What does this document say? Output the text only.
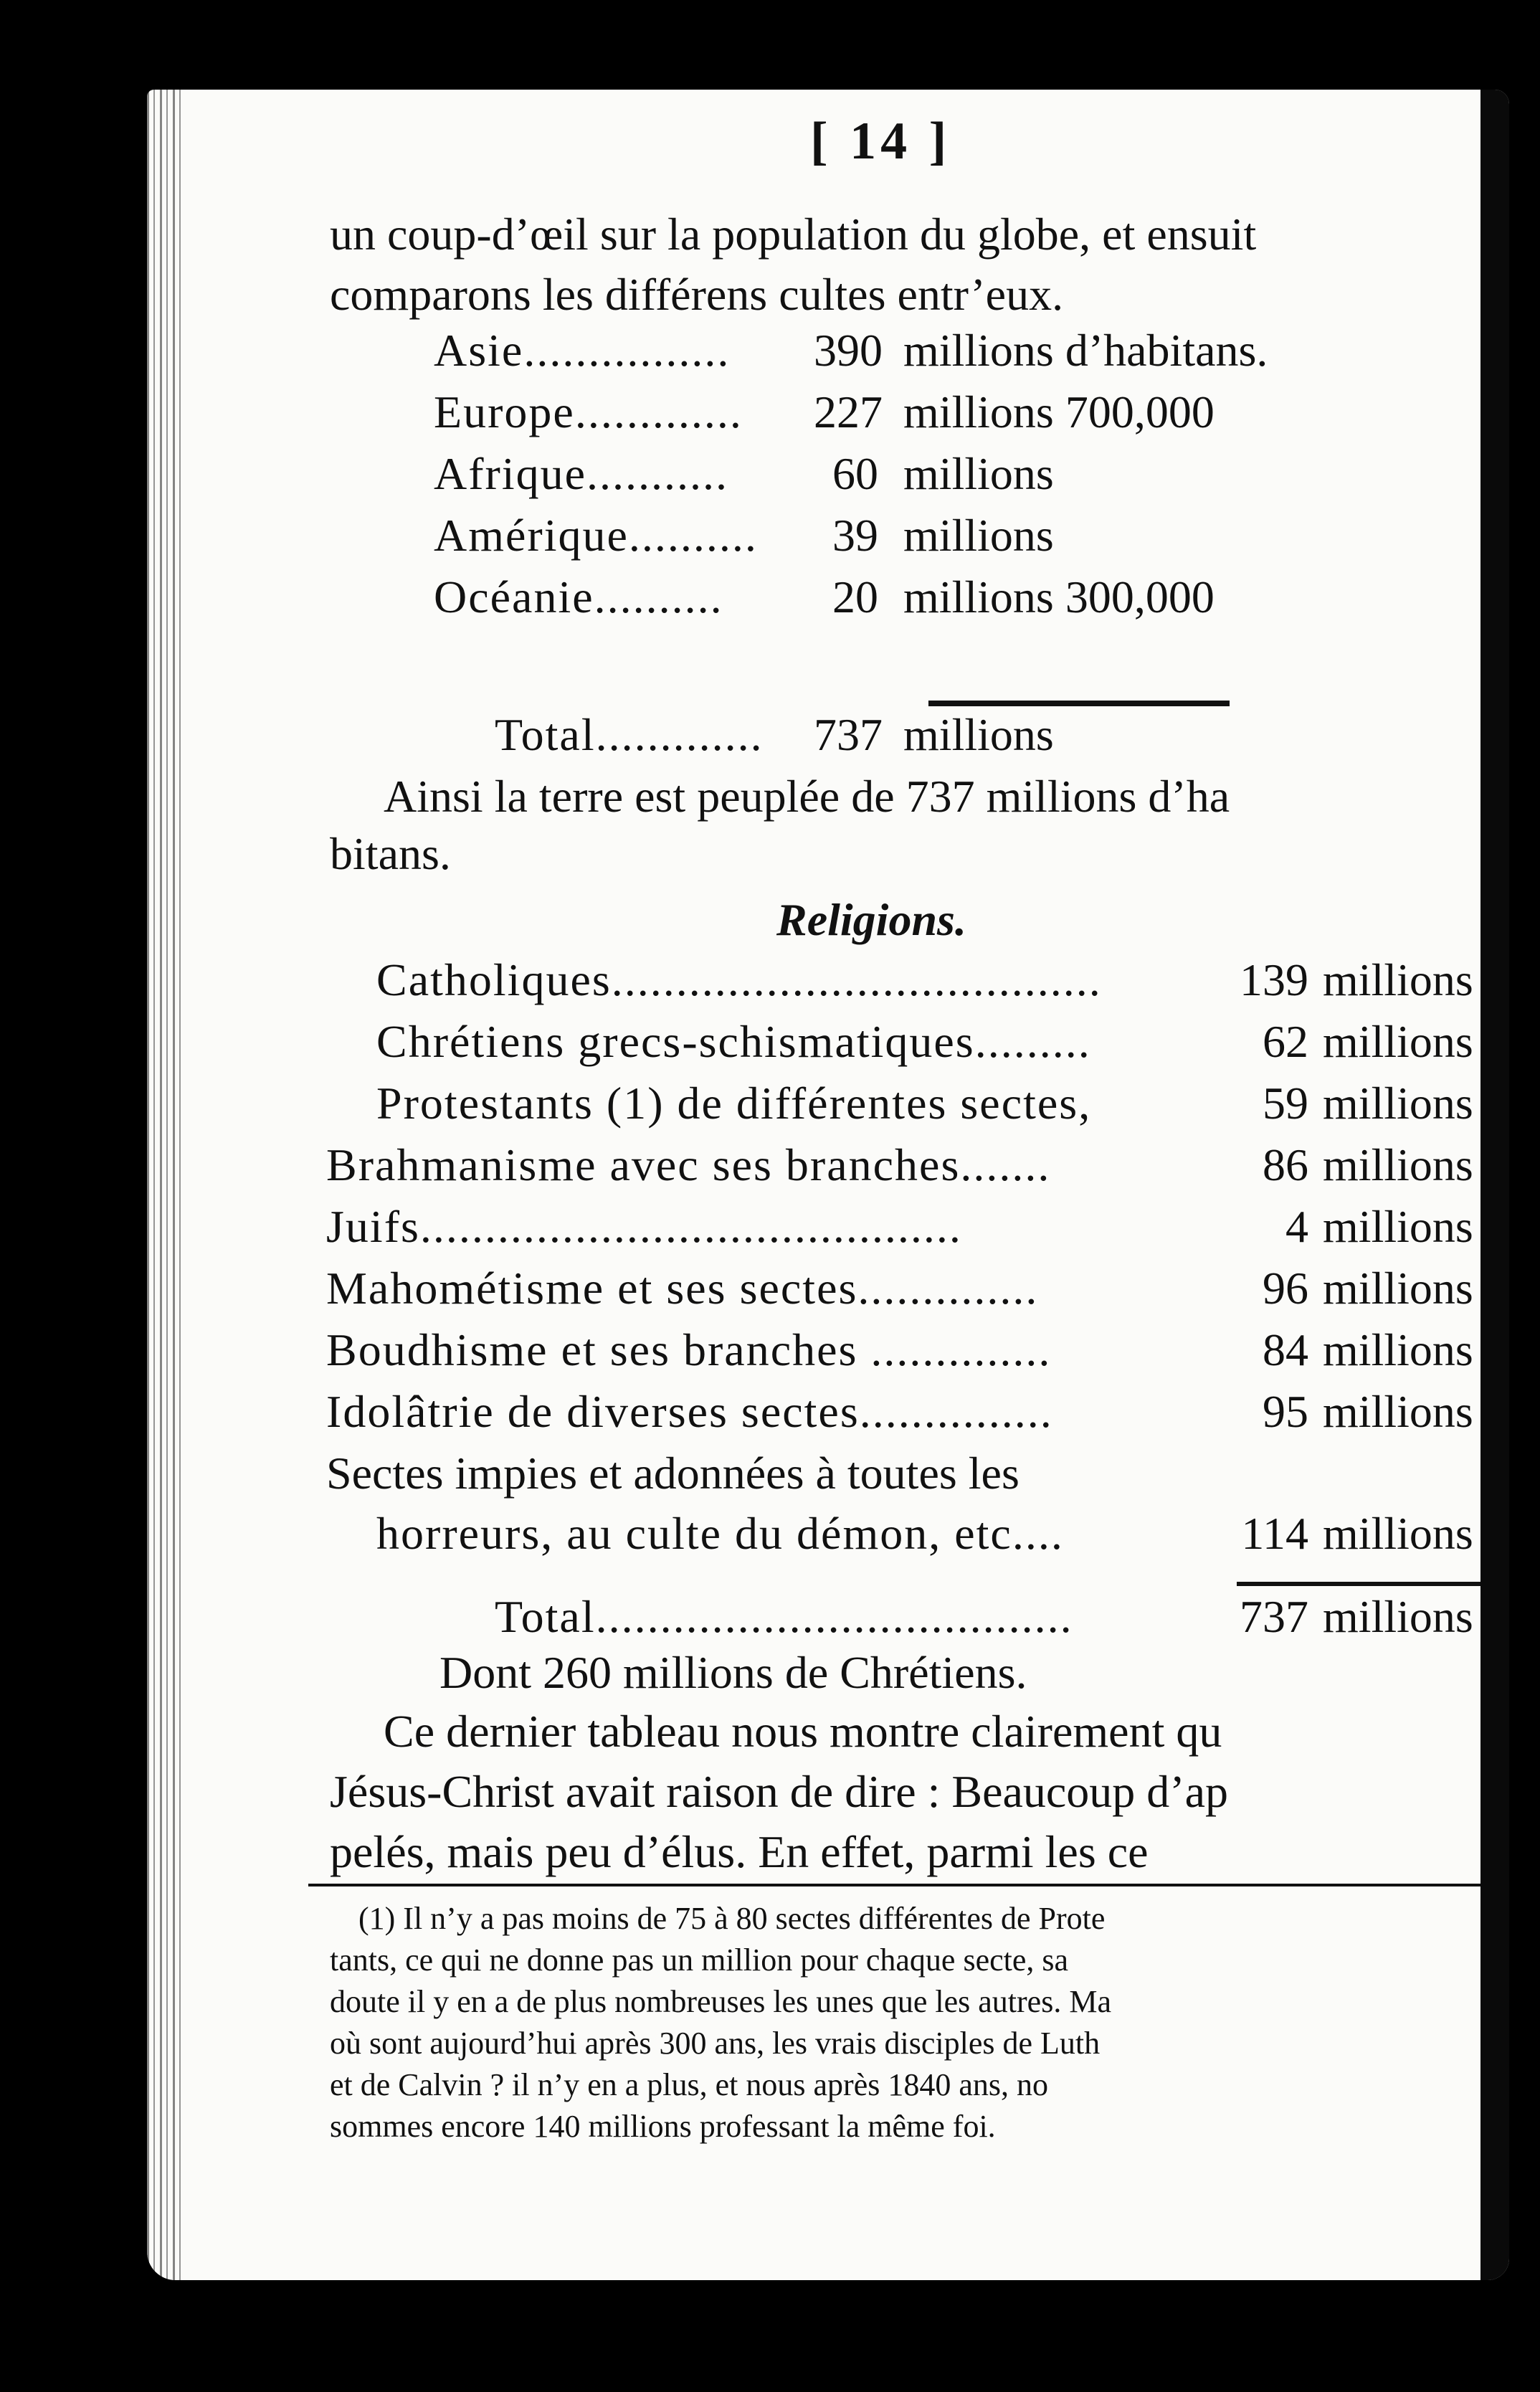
[ 14 ]
un coup-d’œil sur la population du globe, et ensuit
comparons les différens cultes entr’eux.
Asie................	390 millions d’habitans.
Europe.............	227 millions 700,000
Afrique...........	60 millions
Amérique..........	39 millions
Océanie..........	20 millions 300,000
Total............. 737 millions
Ainsi la terre est peuplée de 737 millions d’ha
bitans.
Religions.
Catholiques......................................	139 millions
Chrétiens grecs-schismatiques.........	62 millions
Protestants (1) de différentes sectes,	59 millions
Brahmanisme avec ses branches.......	86 millions
Juifs..........................................	4 millions
Mahométisme et ses sectes..............	96 millions
Boudhisme et ses branches ..............	84 millions
Idolâtrie de diverses sectes...............	95 millions
Sectes impies et adonnées à toutes les
horreurs, au culte du démon, etc....	114 millions
Total.....................................	737 millions
Dont 260 millions de Chrétiens.
Ce dernier tableau nous montre clairement qu
Jésus-Christ avait raison de dire : Beaucoup d’ap
pelés, mais peu d’élus. En effet, parmi les ce
(1) Il n’y a pas moins de 75 à 80 sectes différentes de Prote
tants, ce qui ne donne pas un million pour chaque secte, sa
doute il y en a de plus nombreuses les unes que les autres. Ma
où sont aujourd’hui après 300 ans, les vrais disciples de Luth
et de Calvin ? il n’y en a plus, et nous après 1840 ans, no
sommes encore 140 millions professant la même foi.
